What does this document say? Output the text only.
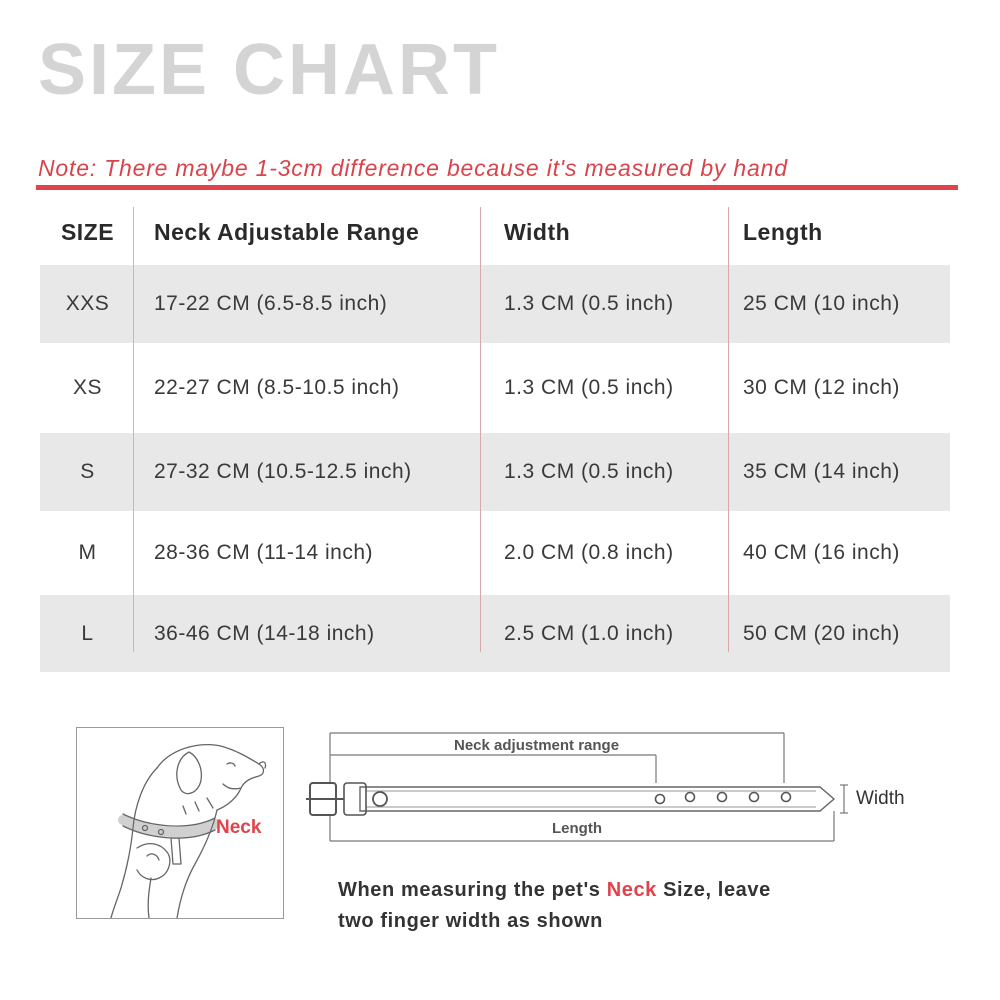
SIZE CHART
Note: There maybe 1-3cm difference because it's measured by hand
SIZE	Neck Adjustable Range	Width	Length
XXS	17-22 CM (6.5-8.5 inch)	1.3 CM (0.5 inch)	25 CM (10 inch)
XS	22-27 CM (8.5-10.5 inch)	1.3 CM (0.5 inch)	30 CM (12 inch)
S	27-32 CM (10.5-12.5 inch)	1.3 CM (0.5 inch)	35 CM (14 inch)
M	28-36 CM (11-14 inch)	2.0 CM (0.8 inch)	40 CM (16 inch)
L	36-46 CM (14-18 inch)	2.5 CM (1.0 inch)	50 CM (20 inch)
Neck
Neck adjustment range
Length
Width
When measuring the pet's Neck Size, leave
two finger width as shown
